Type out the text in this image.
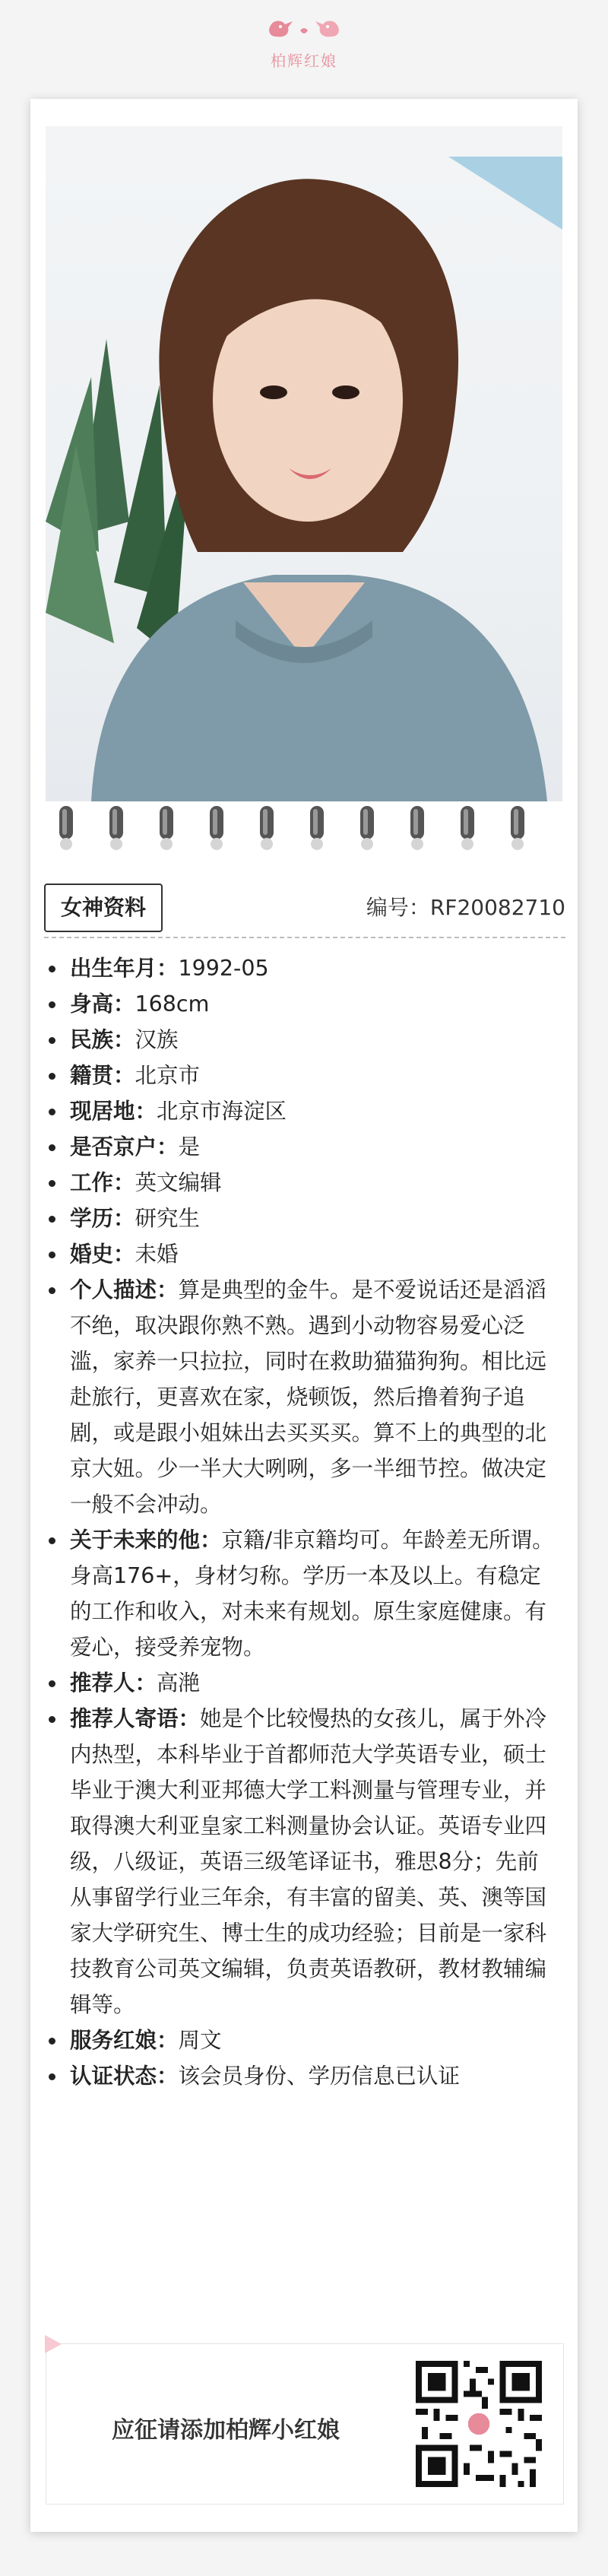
柏辉红娘
女神资料	编号：RF20082710
出生年月：1992-05
身高：168cm
民族：汉族
籍贯：北京市
现居地：北京市海淀区
是否京户：是
工作：英文编辑
学历：研究生
婚史：未婚
个人描述：算是典型的金牛。是不爱说话还是滔滔不绝，取决跟你熟不熟。遇到小动物容易爱心泛滥，家养一只拉拉，同时在救助猫猫狗狗。相比远赴旅行，更喜欢在家，烧顿饭，然后撸着狗子追剧，或是跟小姐妹出去买买买。算不上的典型的北京大妞。少一半大大咧咧，多一半细节控。做决定一般不会冲动。
关于未来的他：京籍/非京籍均可。年龄差无所谓。身高176+，身材匀称。学历一本及以上。有稳定的工作和收入，对未来有规划。原生家庭健康。有爱心，接受养宠物。
推荐人：高滟
推荐人寄语：她是个比较慢热的女孩儿，属于外冷内热型，本科毕业于首都师范大学英语专业，硕士毕业于澳大利亚邦德大学工料测量与管理专业，并取得澳大利亚皇家工料测量协会认证。英语专业四级，八级证，英语三级笔译证书，雅思8分；先前从事留学行业三年余，有丰富的留美、英、澳等国家大学研究生、博士生的成功经验；目前是一家科技教育公司英文编辑，负责英语教研，教材教辅编辑等。
服务红娘：周文
认证状态：该会员身份、学历信息已认证
应征请添加柏辉小红娘
